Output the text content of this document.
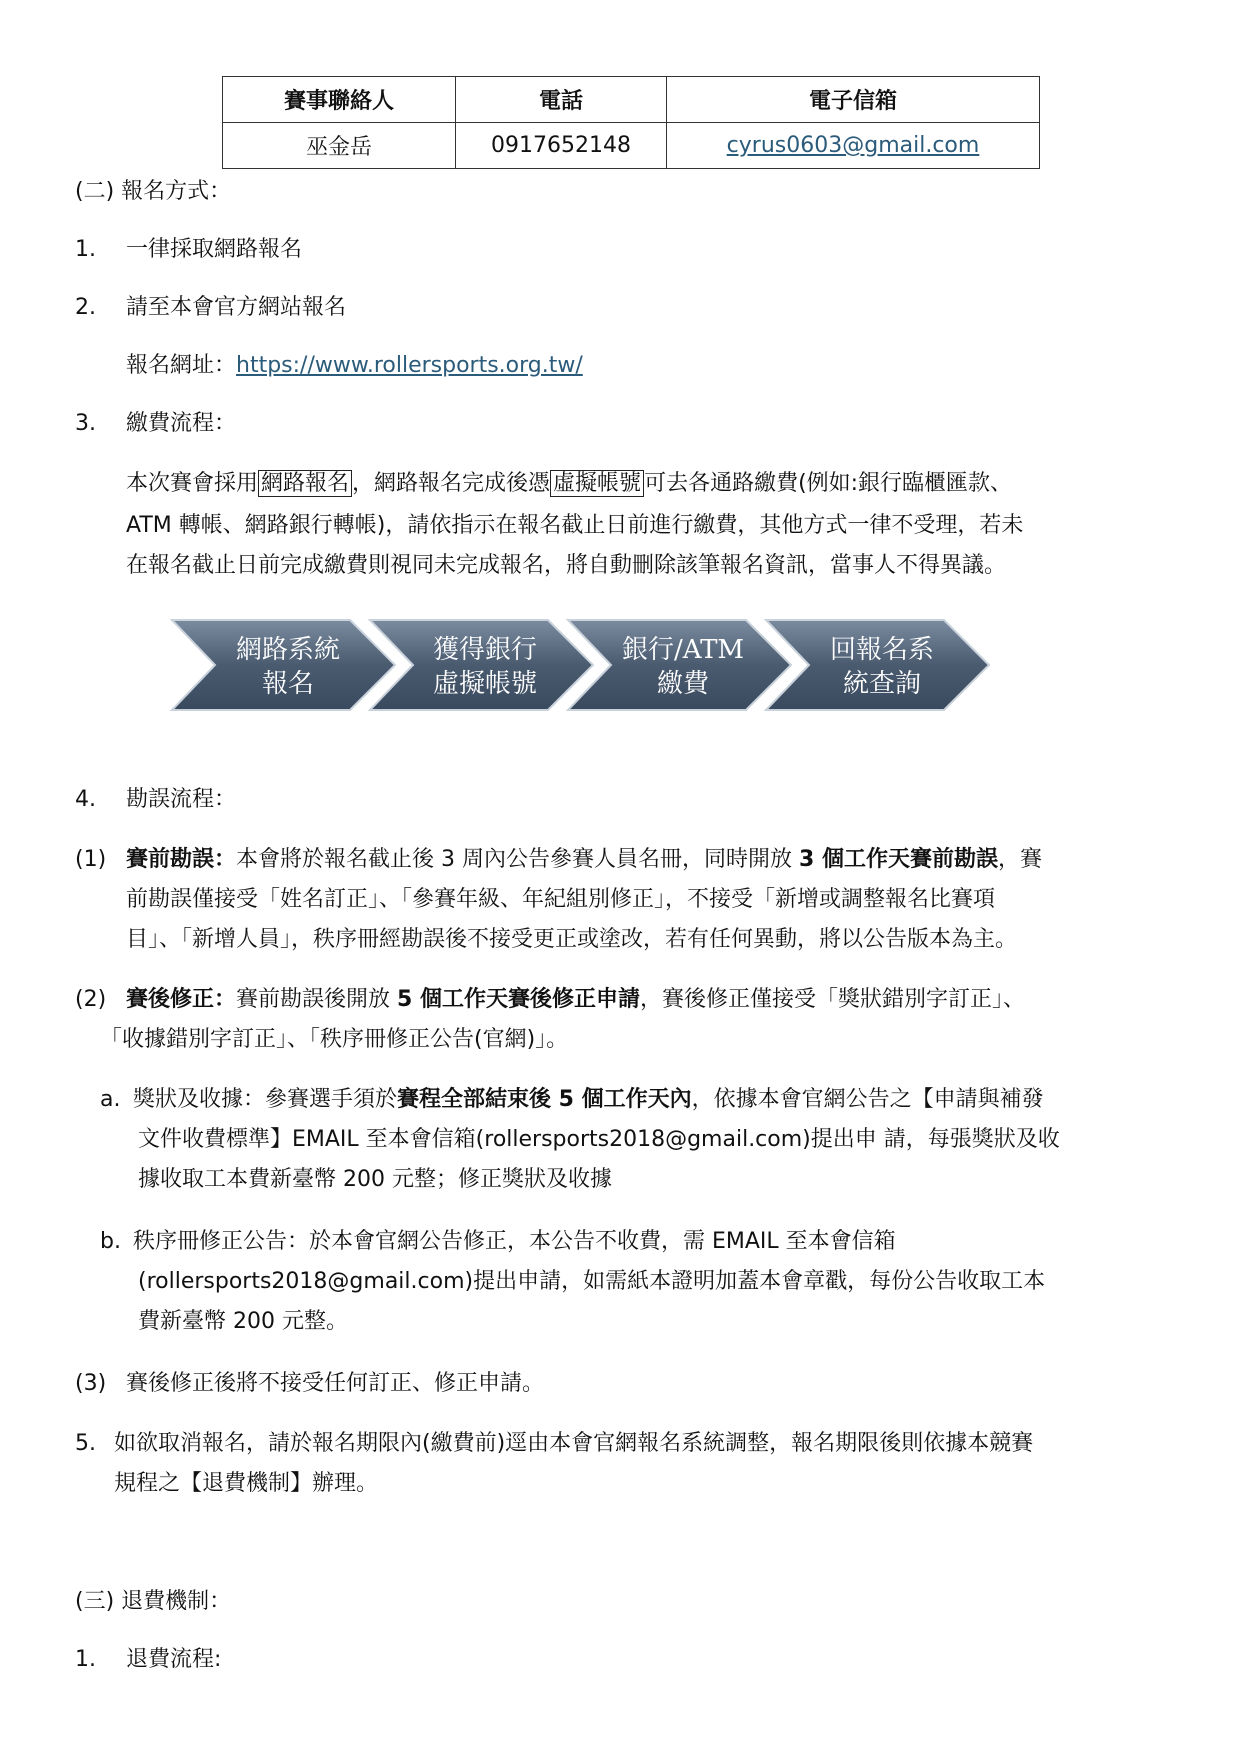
賽事聯絡人	電話	電子信箱
巫金岳	0917652148	cyrus0603@gmail.com
(二) 報名方式：
1. 一律採取網路報名
2. 請至本會官方網站報名
報名網址：https://www.rollersports.org.tw/
3. 繳費流程：
本次賽會採用 網路報名 ，網路報名完成後憑 虛擬帳號 可去各通路繳費(例如:銀行臨櫃匯款、
ATM 轉帳、網路銀行轉帳)，請依指示在報名截止日前進行繳費，其他方式一律不受理，若未
在報名截止日前完成繳費則視同未完成報名，將自動刪除該筆報名資訊，當事人不得異議。
網路系統
報名
獲得銀行
虛擬帳號
銀行/ATM
繳費
回報名系
統查詢
4. 勘誤流程：
(1) 賽前勘誤：本會將於報名截止後 3 周內公告參賽人員名冊，同時開放 3 個工作天賽前勘誤，賽
前勘誤僅接受「姓名訂正」、「參賽年級、年紀組別修正」，不接受「新增或調整報名比賽項
目」、「新增人員」，秩序冊經勘誤後不接受更正或塗改，若有任何異動，將以公告版本為主。
(2) 賽後修正：賽前勘誤後開放 5 個工作天賽後修正申請，賽後修正僅接受「獎狀錯別字訂正」、
「收據錯別字訂正」、「秩序冊修正公告(官網)」。
a. 獎狀及收據：參賽選手須於賽程全部結束後 5 個工作天內，依據本會官網公告之【申請與補發
文件收費標準】EMAIL 至本會信箱(rollersports2018@gmail.com)提出申 請，每張獎狀及收
據收取工本費新臺幣 200 元整；修正獎狀及收據
b. 秩序冊修正公告：於本會官網公告修正，本公告不收費，需 EMAIL 至本會信箱
(rollersports2018@gmail.com)提出申請，如需紙本證明加蓋本會章戳，每份公告收取工本
費新臺幣 200 元整。
(3) 賽後修正後將不接受任何訂正、修正申請。
5. 如欲取消報名，請於報名期限內(繳費前)逕由本會官網報名系統調整，報名期限後則依據本競賽
規程之【退費機制】辦理。
(三) 退費機制：
1. 退費流程:
